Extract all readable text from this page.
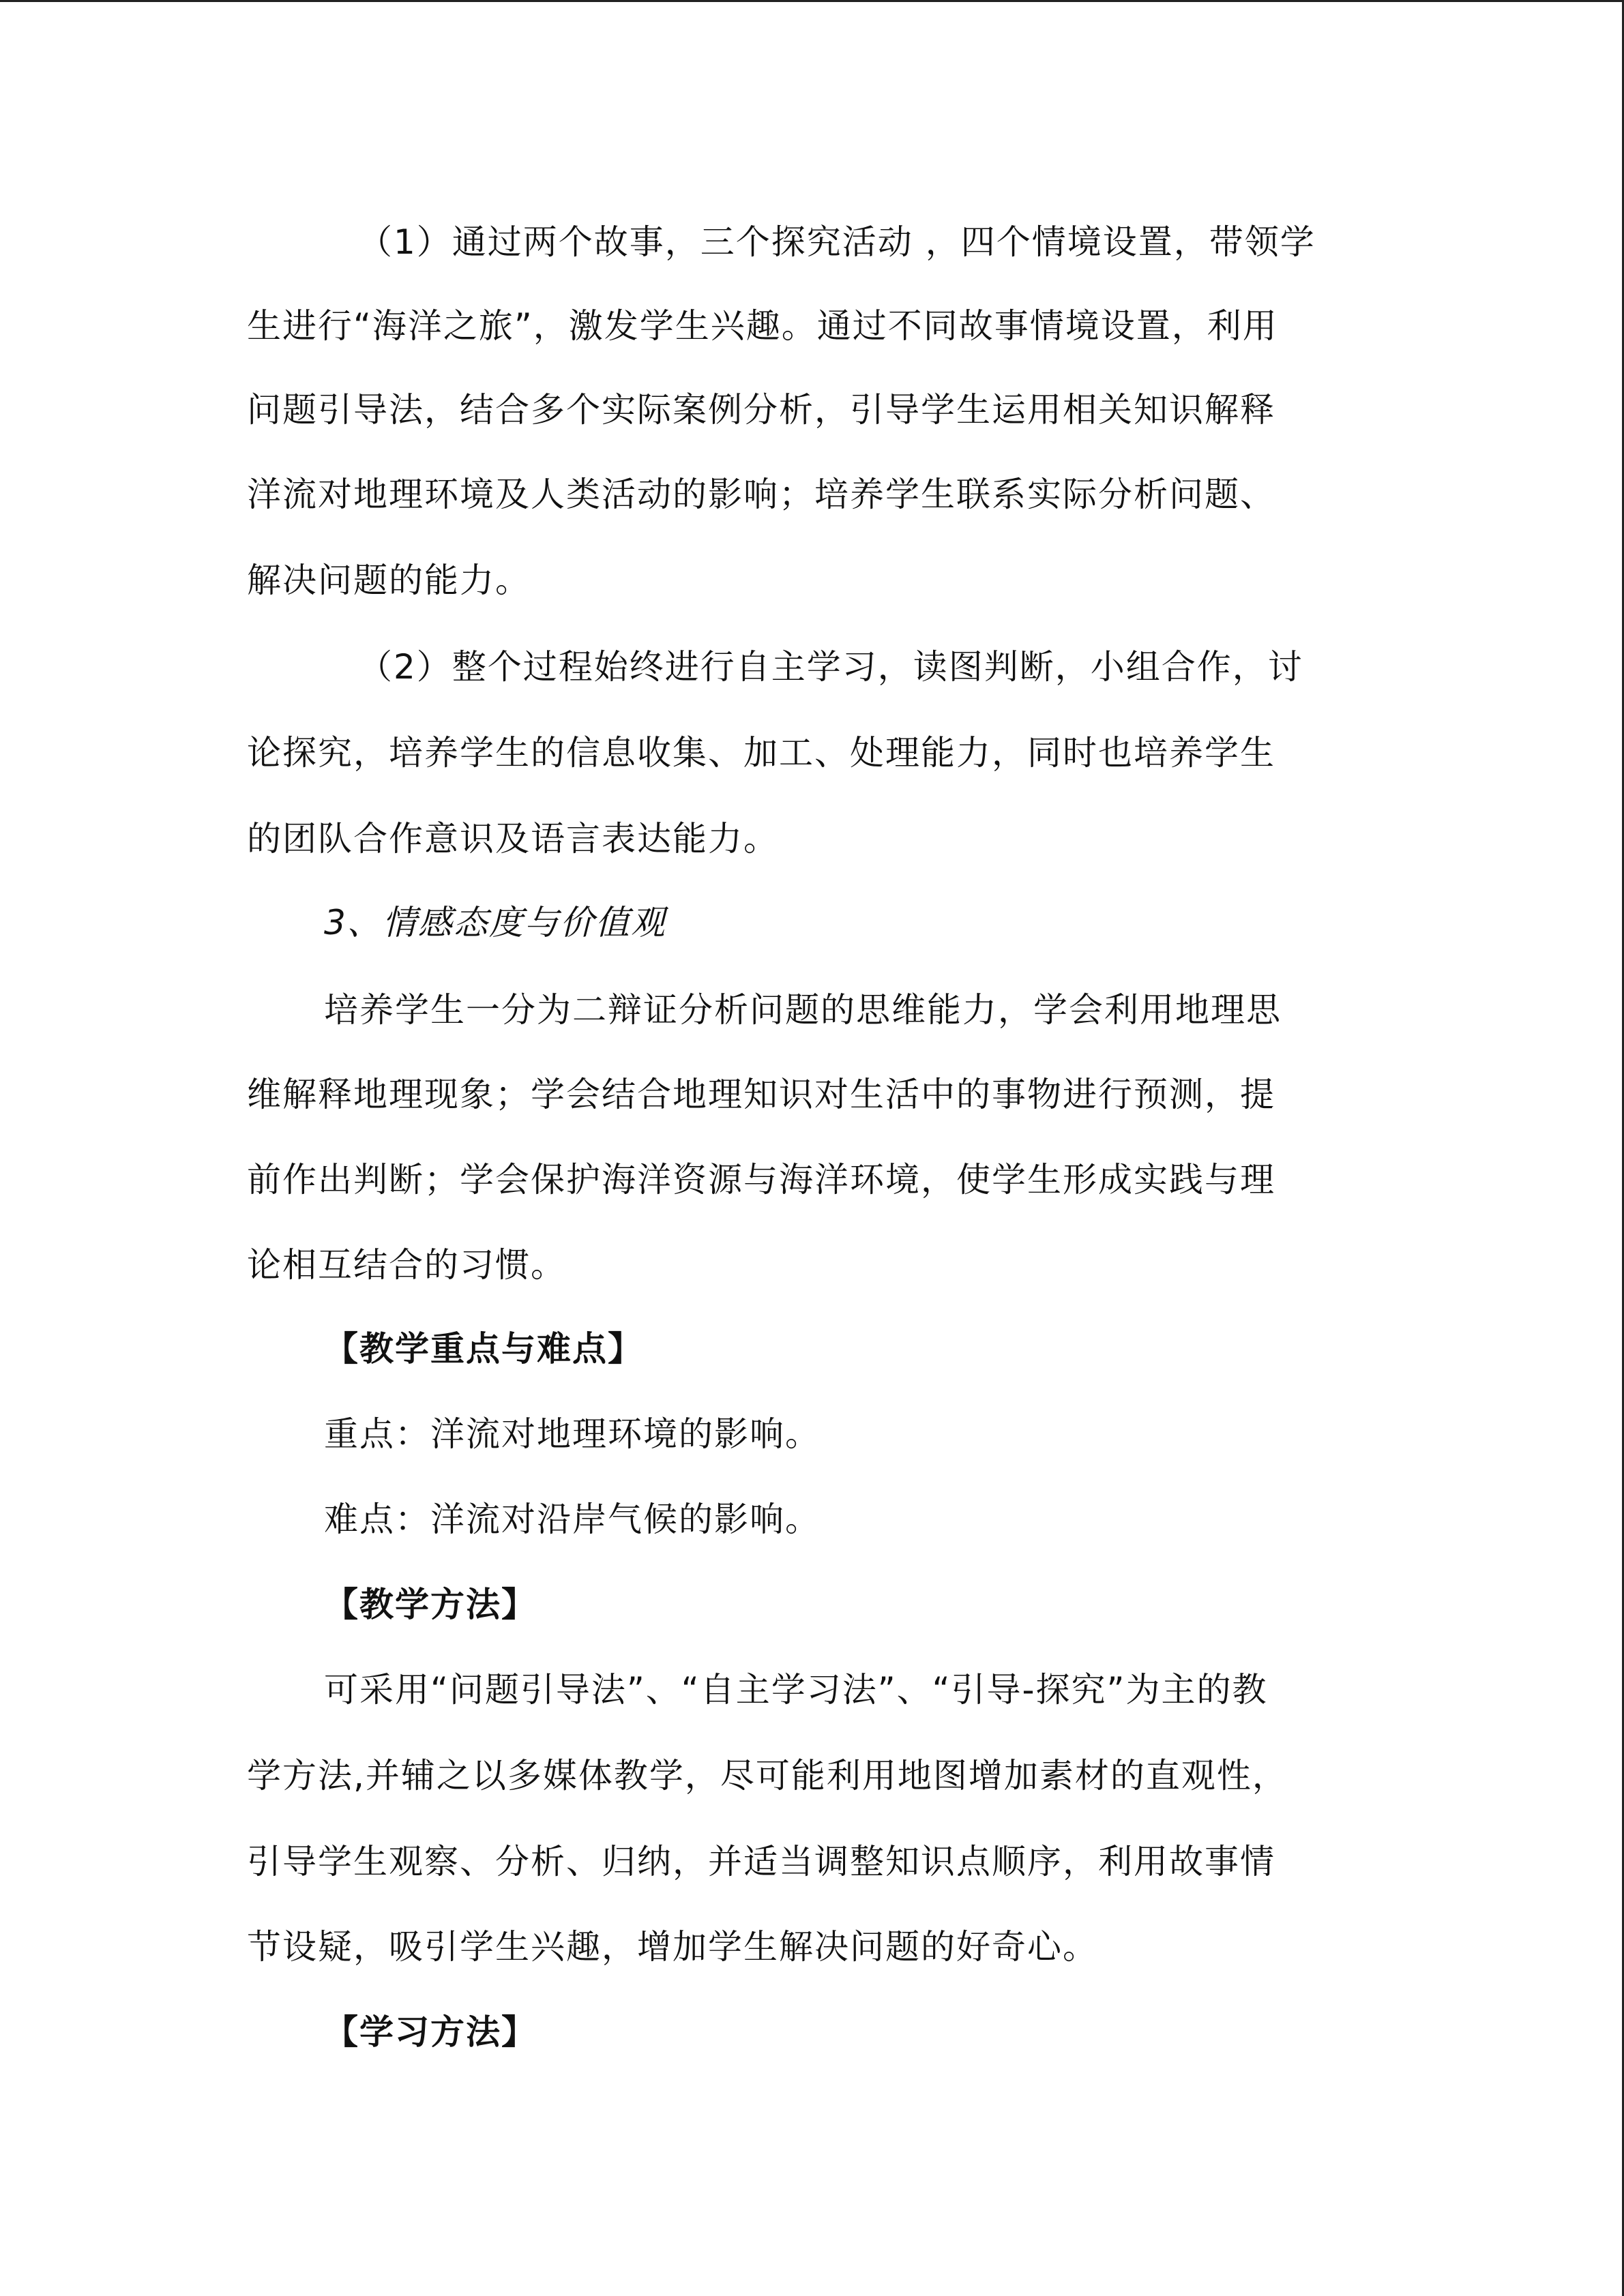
（1）通过两个故事，三个探究活动 ，四个情境设置，带领学
生进行“海洋之旅”，激发学生兴趣。通过不同故事情境设置，利用
问题引导法，结合多个实际案例分析，引导学生运用相关知识解释
洋流对地理环境及人类活动的影响；培养学生联系实际分析问题、
解决问题的能力。
（2）整个过程始终进行自主学习，读图判断，小组合作，讨
论探究，培养学生的信息收集、加工、处理能力，同时也培养学生
的团队合作意识及语言表达能力。
3、情感态度与价值观
培养学生一分为二辩证分析问题的思维能力，学会利用地理思
维解释地理现象；学会结合地理知识对生活中的事物进行预测，提
前作出判断；学会保护海洋资源与海洋环境，使学生形成实践与理
论相互结合的习惯。
【教学重点与难点】
重点：洋流对地理环境的影响。
难点：洋流对沿岸气候的影响。
【教学方法】
可采用“问题引导法”、“自主学习法”、“引导-探究”为主的教
学方法,并辅之以多媒体教学，尽可能利用地图增加素材的直观性，
引导学生观察、分析、归纳，并适当调整知识点顺序，利用故事情
节设疑，吸引学生兴趣，增加学生解决问题的好奇心。
【学习方法】
